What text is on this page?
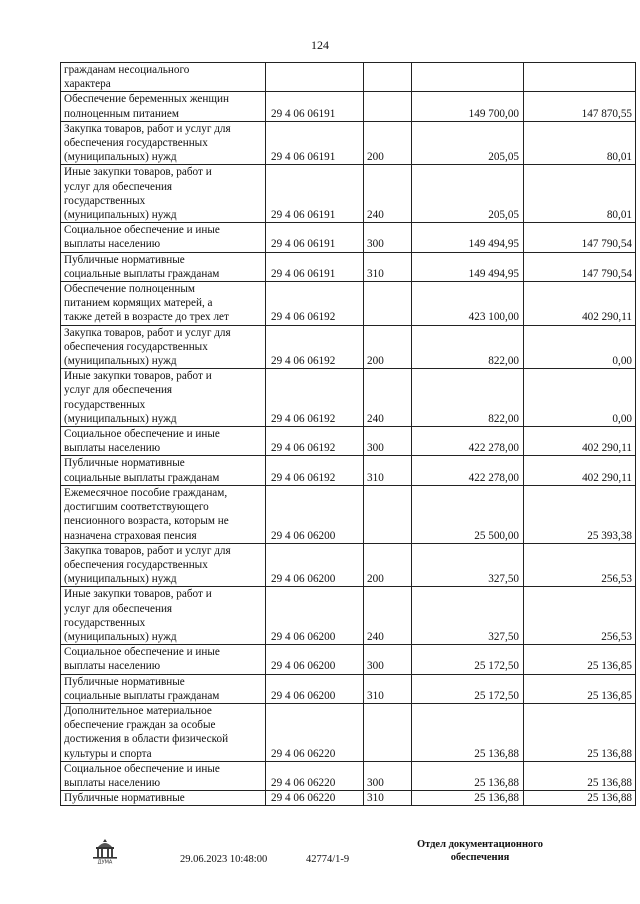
124
гражданам несоциального
характера				

Обеспечение беременных женщин
полноценным питанием	29 4 06 06191		149 700,00	147 870,55

Закупка товаров, работ и услуг для
обеспечения государственных
(муниципальных) нужд	29 4 06 06191	200	205,05	80,01

Иные закупки товаров, работ и
услуг для обеспечения
государственных
(муниципальных) нужд	29 4 06 06191	240	205,05	80,01

Социальное обеспечение и иные
выплаты населению	29 4 06 06191	300	149 494,95	147 790,54

Публичные нормативные
социальные выплаты гражданам	29 4 06 06191	310	149 494,95	147 790,54

Обеспечение полноценным
питанием кормящих матерей, а
также детей в возрасте до трех лет	29 4 06 06192		423 100,00	402 290,11

Закупка товаров, работ и услуг для
обеспечения государственных
(муниципальных) нужд	29 4 06 06192	200	822,00	0,00

Иные закупки товаров, работ и
услуг для обеспечения
государственных
(муниципальных) нужд	29 4 06 06192	240	822,00	0,00

Социальное обеспечение и иные
выплаты населению	29 4 06 06192	300	422 278,00	402 290,11

Публичные нормативные
социальные выплаты гражданам	29 4 06 06192	310	422 278,00	402 290,11

Ежемесячное пособие гражданам,
достигшим соответствующего
пенсионного возраста, которым не
назначена страховая пенсия	29 4 06 06200		25 500,00	25 393,38

Закупка товаров, работ и услуг для
обеспечения государственных
(муниципальных) нужд	29 4 06 06200	200	327,50	256,53

Иные закупки товаров, работ и
услуг для обеспечения
государственных
(муниципальных) нужд	29 4 06 06200	240	327,50	256,53

Социальное обеспечение и иные
выплаты населению	29 4 06 06200	300	25 172,50	25 136,85

Публичные нормативные
социальные выплаты гражданам	29 4 06 06200	310	25 172,50	25 136,85

Дополнительное материальное
обеспечение граждан за особые
достижения в области физической
культуры и спорта	29 4 06 06220		25 136,88	25 136,88

Социальное обеспечение и иные
выплаты населению	29 4 06 06220	300	25 136,88	25 136,88

Публичные нормативные	29 4 06 06220	310	25 136,88	25 136,88
ДУМА	29.06.2023 10:48:00	42774/1-9
Отдел документационного
обеспечения
